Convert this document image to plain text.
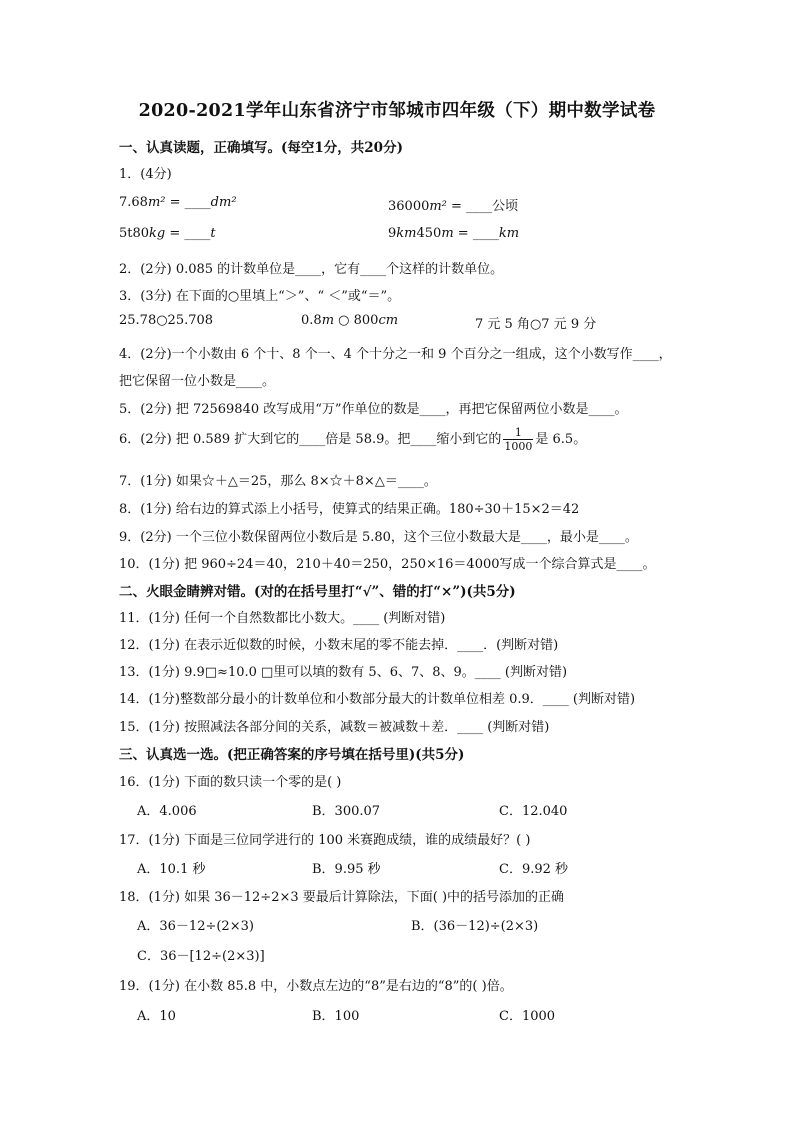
2020-2021学年山东省济宁市邹城市四年级（下）期中数学试卷
一、认真读题，正确填写。(每空1分，共20分)
1．(4分)
7.68m² = ____dm²	36000m² = ____公顷
5t80kg = ____t	9km450m = ____km
2．(2分) 0.085 的计数单位是____，它有____个这样的计数单位。
3．(3分) 在下面的○里填上“＞”、“ ＜”或“＝”。
25.78○25.708	0.8m ○ 800cm	7 元 5 角○7 元 9 分
4．(2分)一个小数由 6 个十、8 个一、4 个十分之一和 9 个百分之一组成，这个小数写作____，
把它保留一位小数是____。
5．(2分) 把 72569840 改写成用“万”作单位的数是____，再把它保留两位小数是____。
6．(2分) 把 0.589 扩大到它的____倍是 58.9。把____缩小到它的 $\frac{1}{1000}$ 是 6.5。
7．(1分) 如果☆＋△＝25，那么 8×☆＋8×△＝____。
8．(1分) 给右边的算式添上小括号，使算式的结果正确。180÷30＋15×2＝42
9．(2分) 一个三位小数保留两位小数后是 5.80，这个三位小数最大是____，最小是____。
10．(1分) 把 960÷24＝40，210＋40＝250，250×16＝4000写成一个综合算式是____。
二、火眼金睛辨对错。(对的在括号里打“√”、错的打“×”)(共5分)
11．(1分) 任何一个自然数都比小数大。____ (判断对错)
12．(1分) 在表示近似数的时候，小数末尾的零不能去掉．____．(判断对错)
13．(1分) 9.9□≈10.0 □里可以填的数有 5、6、7、8、9。____ (判断对错)
14．(1分)整数部分最小的计数单位和小数部分最大的计数单位相差 0.9．____ (判断对错)
15．(1分) 按照减法各部分间的关系，减数＝被减数＋差．____ (判断对错)
三、认真选一选。(把正确答案的序号填在括号里)(共5分)
16．(1分) 下面的数只读一个零的是( )
A．4.006	B．300.07	C．12.040
17．(1分) 下面是三位同学进行的 100 米赛跑成绩，谁的成绩最好？( )
A．10.1 秒	B．9.95 秒	C．9.92 秒
18．(1分) 如果 36－12÷2×3 要最后计算除法，下面( )中的括号添加的正确
A．36－12÷(2×3)	B．(36－12)÷(2×3)
C．36－[12÷(2×3)]
19．(1分) 在小数 85.8 中，小数点左边的“8”是右边的“8”的( )倍。
A．10	B．100	C．1000
